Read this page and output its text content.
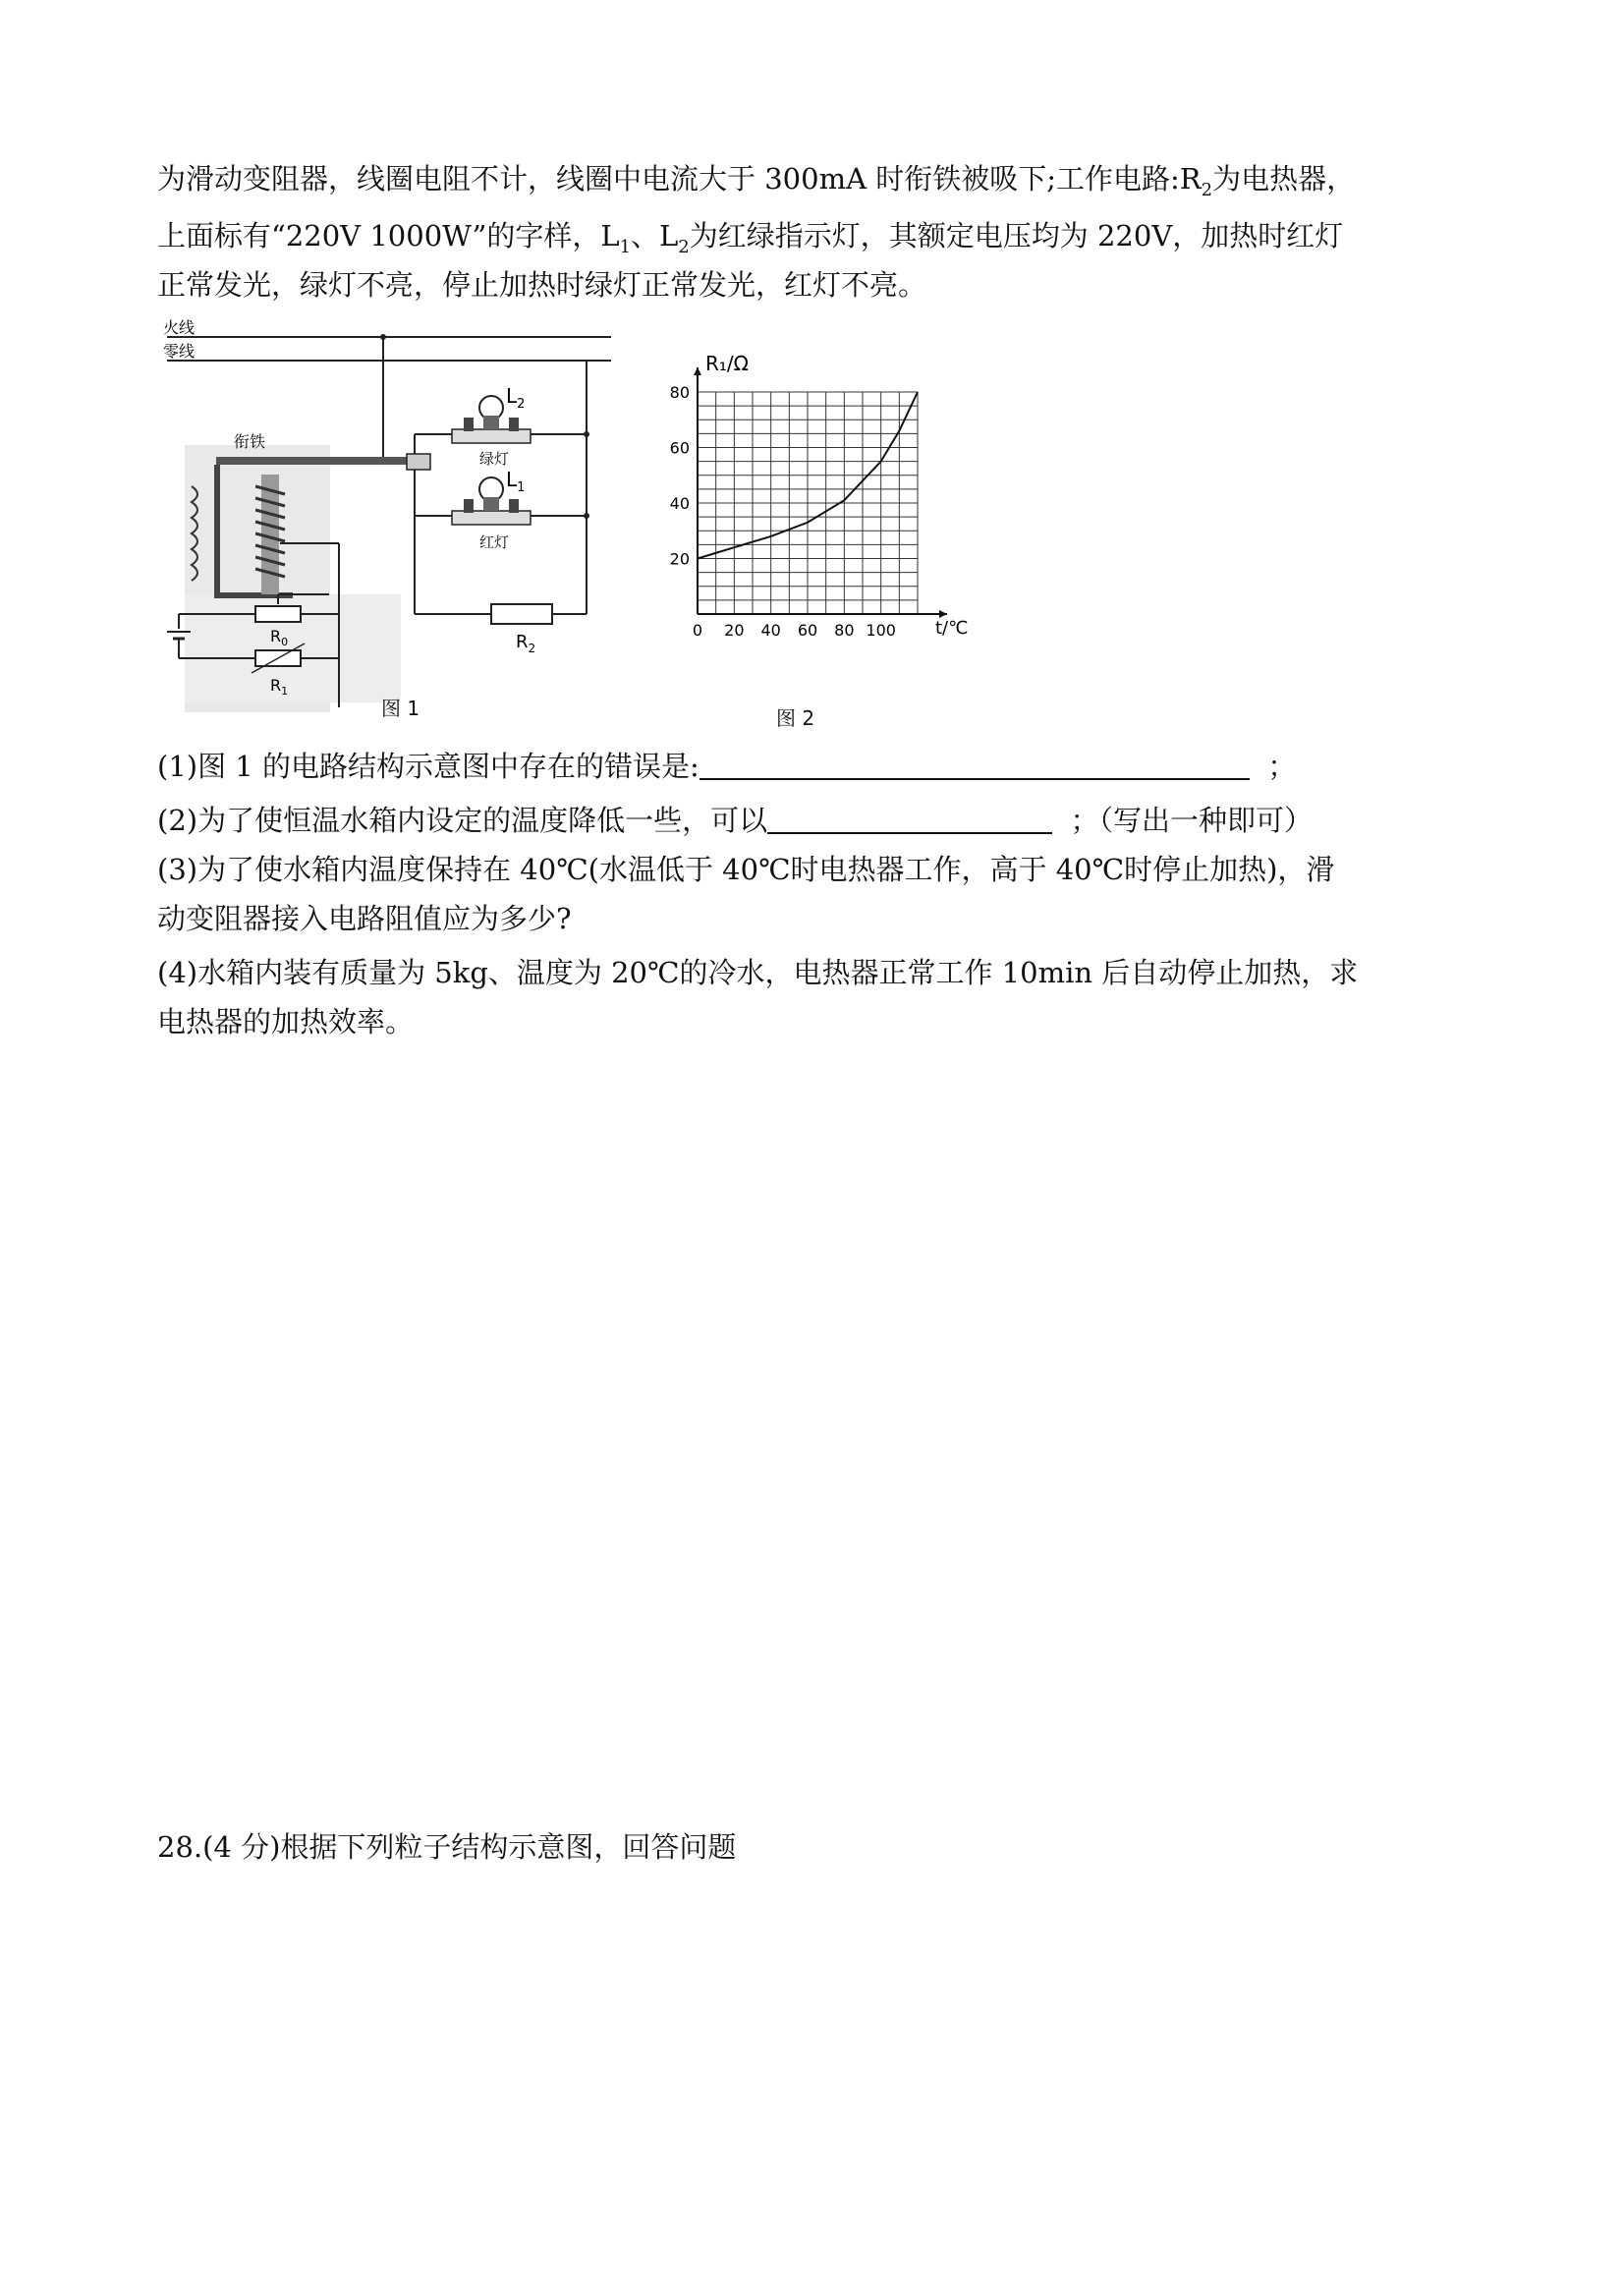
为滑动变阻器，线圈电阻不计，线圈中电流大于 300mA 时衔铁被吸下;工作电路$:R_2$为电热器，
上面标有“220V 1000W”的字样，$L_1$、$L_2$为红绿指示灯，其额定电压均为 220V，加热时红灯
正常发光，绿灯不亮，停止加热时绿灯正常发光，红灯不亮。
火线
零线
衔铁
$L_2$
绿灯
$L_1$
红灯
$R_2$
$R_0$
$R_1$
图 1
0 20 40 60 80 100
20
40
60
80
R₁/Ω
t/℃
图 2
(1)图 1 的电路结构示意图中存在的错误是:	；
(2)为了使恒温水箱内设定的温度降低一些，可以	；（写出一种即可）
(3)为了使水箱内温度保持在 40℃(水温低于 40℃时电热器工作，高于 40℃时停止加热)，滑
动变阻器接入电路阻值应为多少?
(4)水箱内装有质量为 5kg、温度为 20℃的冷水，电热器正常工作 10min 后自动停止加热，求
电热器的加热效率。
28.(4 分)根据下列粒子结构示意图，回答问题
